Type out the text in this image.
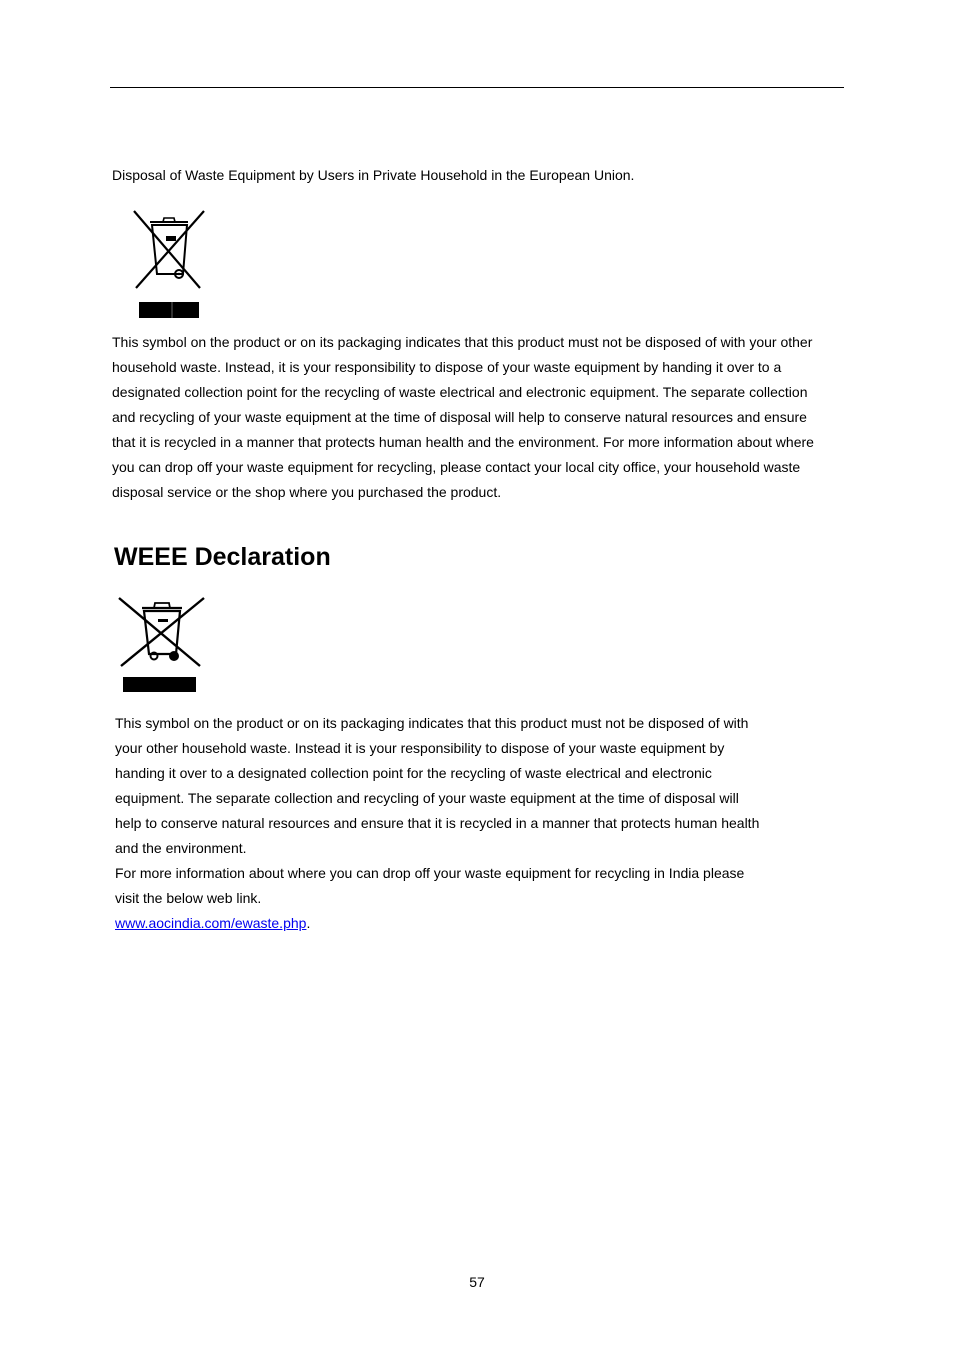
Disposal of Waste Equipment by Users in Private Household in the European Union.
This symbol on the product or on its packaging indicates that this product must not be disposed of with your other
household waste. Instead, it is your responsibility to dispose of your waste equipment by handing it over to a
designated collection point for the recycling of waste electrical and electronic equipment. The separate collection
and recycling of your waste equipment at the time of disposal will help to conserve natural resources and ensure
that it is recycled in a manner that protects human health and the environment. For more information about where
you can drop off your waste equipment for recycling, please contact your local city office, your household waste
disposal service or the shop where you purchased the product.
WEEE Declaration
This symbol on the product or on its packaging indicates that this product must not be disposed of with
your other household waste. Instead it is your responsibility to dispose of your waste equipment by
handing it over to a designated collection point for the recycling of waste electrical and electronic
equipment. The separate collection and recycling of your waste equipment at the time of disposal will
help to conserve natural resources and ensure that it is recycled in a manner that protects human health
and the environment.
For more information about where you can drop off your waste equipment for recycling in India please
visit the below web link.
www.aocindia.com/ewaste.php.
57
